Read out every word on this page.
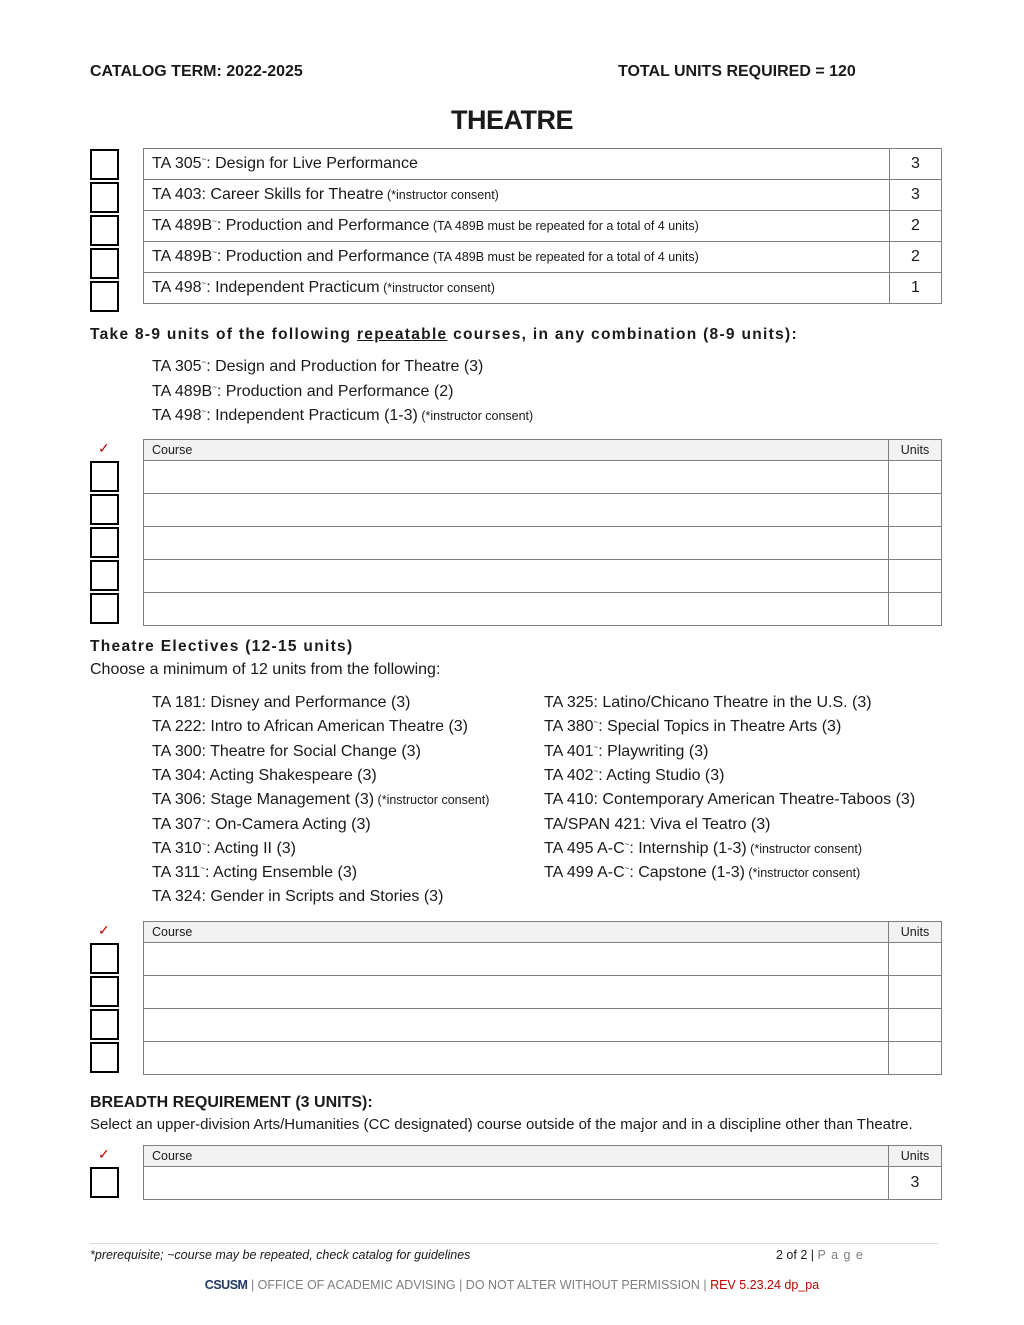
CATALOG TERM: 2022-2025	TOTAL UNITS REQUIRED = 120
THEATRE
TA 305~: Design for Live Performance	3
TA 403: Career Skills for Theatre (*instructor consent)	3
TA 489B~: Production and Performance (TA 489B must be repeated for a total of 4 units)	2
TA 489B~: Production and Performance (TA 489B must be repeated for a total of 4 units)	2
TA 498~: Independent Practicum (*instructor consent)	1
Take 8-9 units of the following repeatable courses, in any combination (8-9 units):
TA 305~: Design and Production for Theatre (3)
TA 489B~: Production and Performance (2)
TA 498~: Independent Practicum (1-3) (*instructor consent)
✓	Course	Units

Theatre Electives (12-15 units)
Choose a minimum of 12 units from the following:
TA 181: Disney and Performance (3)
TA 222: Intro to African American Theatre (3)
TA 300: Theatre for Social Change (3)
TA 304: Acting Shakespeare (3)
TA 306: Stage Management (3) (*instructor consent)
TA 307~: On-Camera Acting (3)
TA 310~: Acting II (3)
TA 311~: Acting Ensemble (3)
TA 324: Gender in Scripts and Stories (3)
TA 325: Latino/Chicano Theatre in the U.S. (3)
TA 380~: Special Topics in Theatre Arts (3)
TA 401~: Playwriting (3)
TA 402~: Acting Studio (3)
TA 410: Contemporary American Theatre-Taboos (3)
TA/SPAN 421: Viva el Teatro (3)
TA 495 A-C~: Internship (1-3) (*instructor consent)
TA 499 A-C~: Capstone (1-3) (*instructor consent)
✓	Course	Units

BREADTH REQUIREMENT (3 UNITS):
Select an upper-division Arts/Humanities (CC designated) course outside of the major and in a discipline other than Theatre.
✓	Course	Units
	3
*prerequisite; ~course may be repeated, check catalog for guidelines	2 of 2 | P a g e
CSUSM | OFFICE OF ACADEMIC ADVISING | DO NOT ALTER WITHOUT PERMISSION | REV 5.23.24 dp_pa
